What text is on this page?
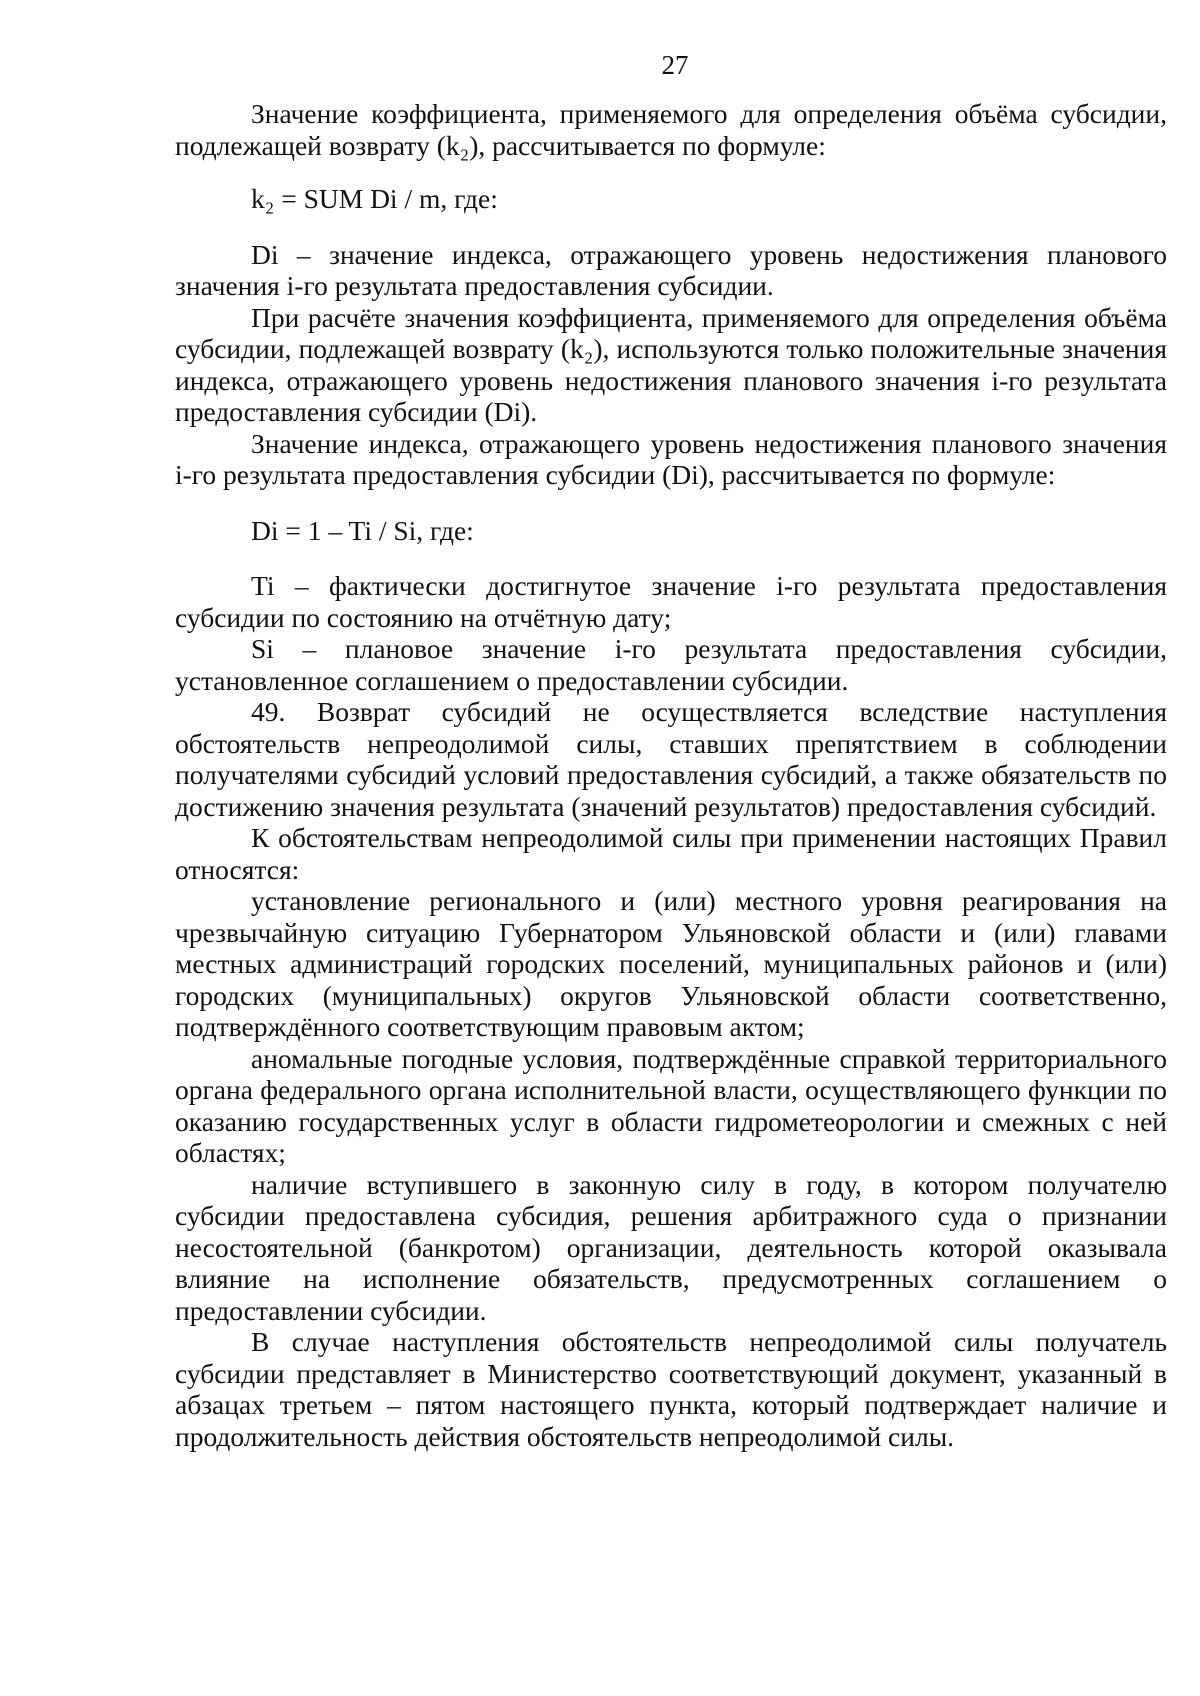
27

Значение коэффициента, применяемого для определения объёма субсидии, подлежащей возврату (k₂), рассчитывается по формуле:

k₂ = SUM Di / m, где:

Di – значение индекса, отражающего уровень недостижения планового значения i-го результата предоставления субсидии.

При расчёте значения коэффициента, применяемого для определения объёма субсидии, подлежащей возврату (k₂), используются только положительные значения индекса, отражающего уровень недостижения планового значения i-го результата предоставления субсидии (Di).

Значение индекса, отражающего уровень недостижения планового значения i-го результата предоставления субсидии (Di), рассчитывается по формуле:

Di = 1 – Ti / Si, где:

Ti – фактически достигнутое значение i-го результата предоставления субсидии по состоянию на отчётную дату;

Si – плановое значение i-го результата предоставления субсидии, установленное соглашением о предоставлении субсидии.

49. Возврат субсидий не осуществляется вследствие наступления обстоятельств непреодолимой силы, ставших препятствием в соблюдении получателями субсидий условий предоставления субсидий, а также обязательств по достижению значения результата (значений результатов) предоставления субсидий.

К обстоятельствам непреодолимой силы при применении настоящих Правил относятся:

установление регионального и (или) местного уровня реагирования на чрезвычайную ситуацию Губернатором Ульяновской области и (или) главами местных администраций городских поселений, муниципальных районов и (или) городских (муниципальных) округов Ульяновской области соответственно, подтверждённого соответствующим правовым актом;

аномальные погодные условия, подтверждённые справкой территориального органа федерального органа исполнительной власти, осуществляющего функции по оказанию государственных услуг в области гидрометеорологии и смежных с ней областях;

наличие вступившего в законную силу в году, в котором получателю субсидии предоставлена субсидия, решения арбитражного суда о признании несостоятельной (банкротом) организации, деятельность которой оказывала влияние на исполнение обязательств, предусмотренных соглашением о предоставлении субсидии.

В случае наступления обстоятельств непреодолимой силы получатель субсидии представляет в Министерство соответствующий документ, указанный в абзацах третьем – пятом настоящего пункта, который подтверждает наличие и продолжительность действия обстоятельств непреодолимой силы.
